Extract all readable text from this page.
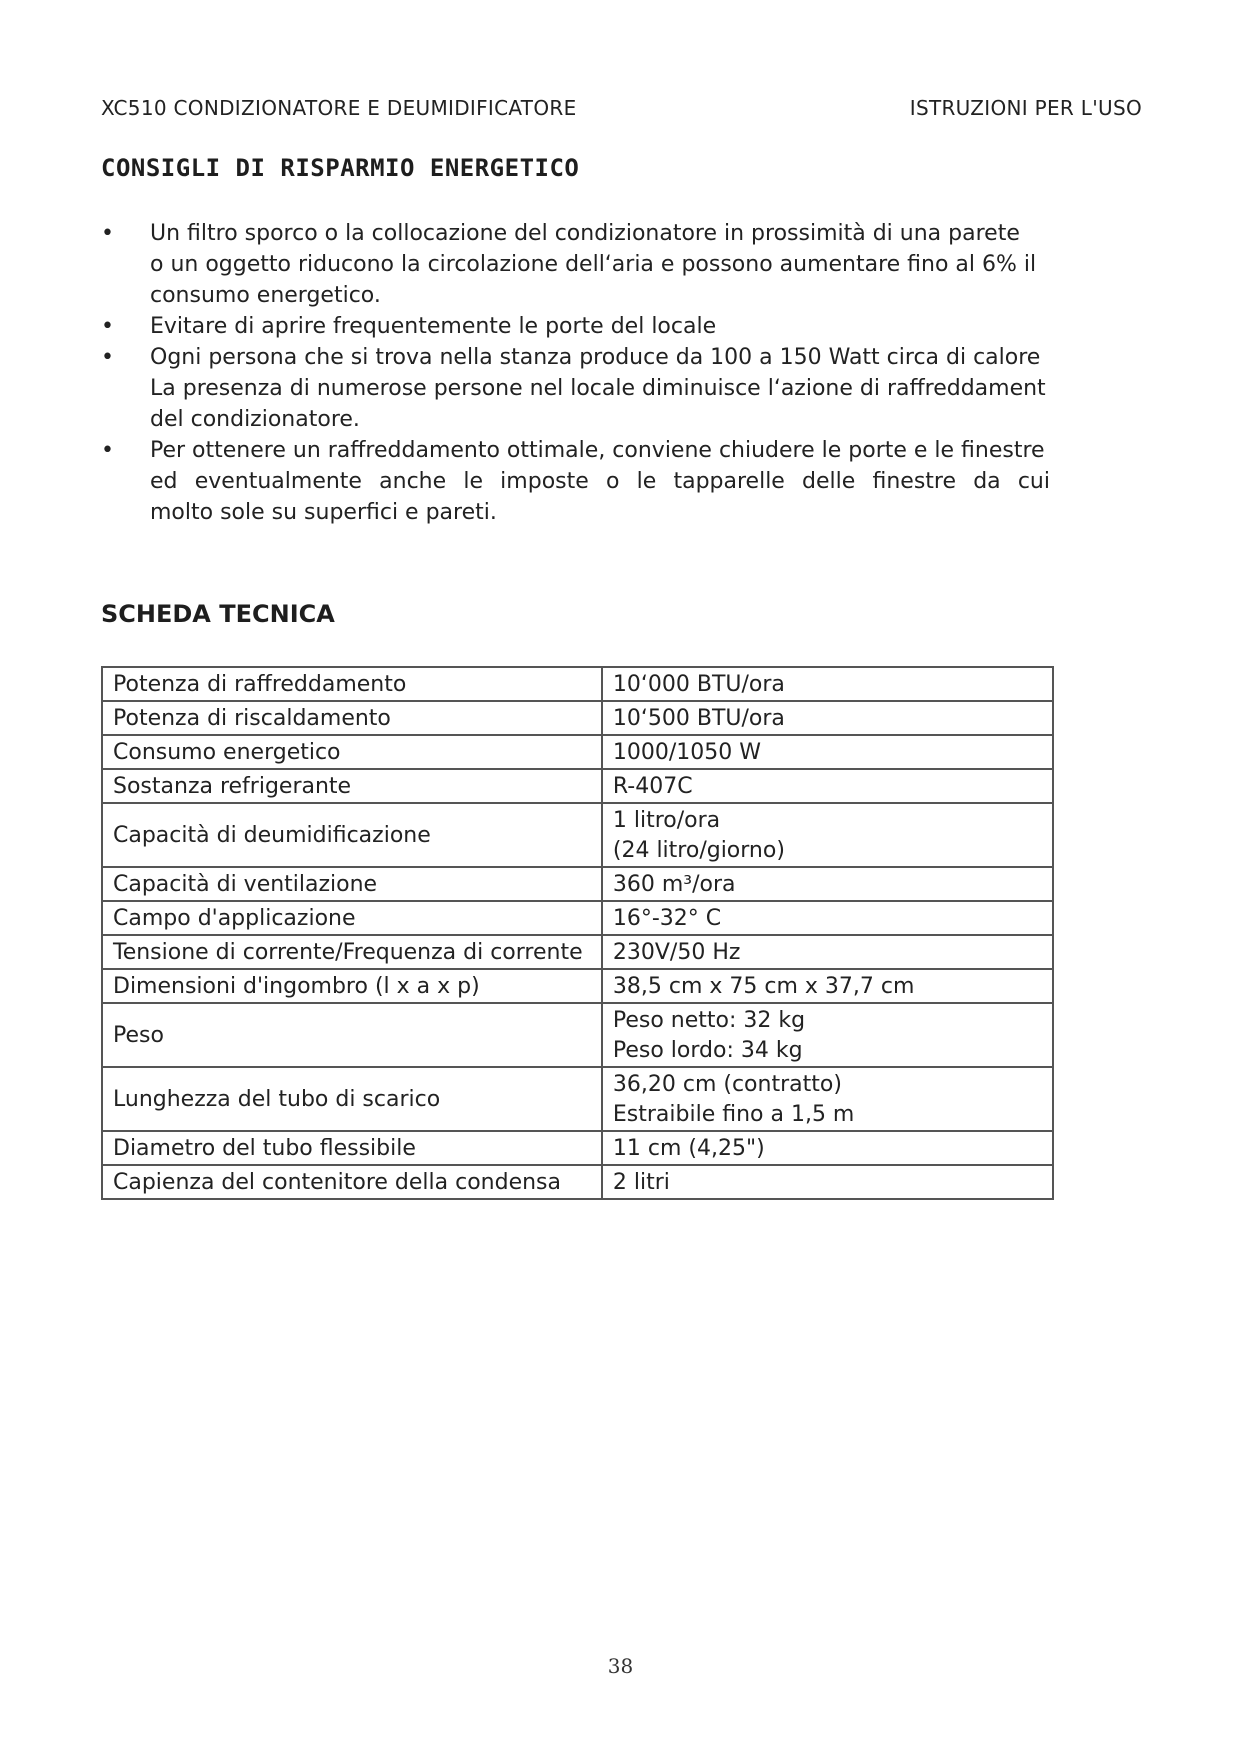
XC510 CONDIZIONATORE E DEUMIDIFICATORE	ISTRUZIONI PER L'USO
CONSIGLI DI RISPARMIO ENERGETICO
• Un filtro sporco o la collocazione del condizionatore in prossimità di una parete
o un oggetto riducono la circolazione dell‘aria e possono aumentare fino al 6% il
consumo energetico.
• Evitare di aprire frequentemente le porte del locale
• Ogni persona che si trova nella stanza produce da 100 a 150 Watt circa di calore
La presenza di numerose persone nel locale diminuisce l‘azione di raffreddament
del condizionatore.
• Per ottenere un raffreddamento ottimale, conviene chiudere le porte e le finestre
ed eventualmente anche le imposte o le tapparelle delle finestre da cui
molto sole su superfici e pareti.
SCHEDA TECNICA
Potenza di raffreddamento	10‘000 BTU/ora

Potenza di riscaldamento	10‘500 BTU/ora

Consumo energetico	1000/1050 W

Sostanza refrigerante	R-407C

Capacità di deumidificazione	1 litro/ora
(24 litro/giorno)

Capacità di ventilazione	360 m³/ora

Campo d'applicazione	16°-32° C

Tensione di corrente/Frequenza di corrente	230V/50 Hz

Dimensioni d'ingombro (l x a x p)	38,5 cm x 75 cm x 37,7 cm

Peso	Peso netto: 32 kg
Peso lordo: 34 kg

Lunghezza del tubo di scarico	36,20 cm (contratto)
Estraibile fino a 1,5 m

Diametro del tubo flessibile	11 cm (4,25")

Capienza del contenitore della condensa	2 litri
38
